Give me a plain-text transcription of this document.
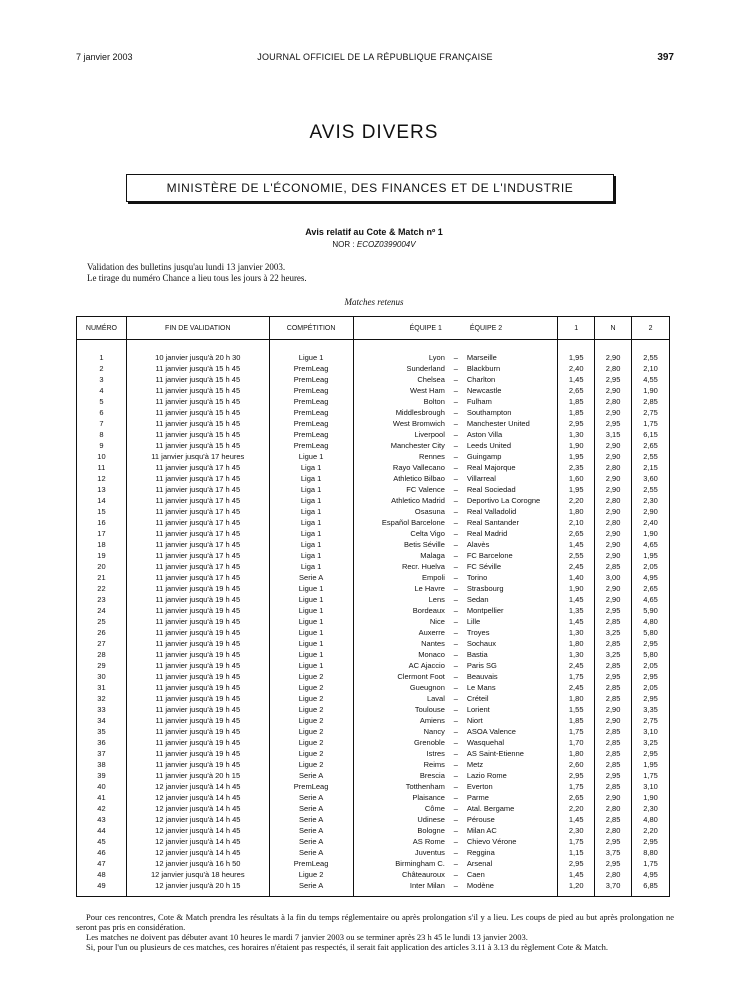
7 janvier 2003	JOURNAL OFFICIEL DE LA RÉPUBLIQUE FRANÇAISE	397
AVIS DIVERS
MINISTÈRE DE L'ÉCONOMIE, DES FINANCES ET DE L'INDUSTRIE
Avis relatif au Cote & Match nº 1
NOR : ECOZ0399004V
Validation des bulletins jusqu'au lundi 13 janvier 2003.
Le tirage du numéro Chance a lieu tous les jours à 22 heures.
Matches retenus
NUMÉRO	FIN DE VALIDATION	COMPÉTITION	ÉQUIPE 1		ÉQUIPE 2	1	N	2

1	10 janvier jusqu'à 20 h 30	Ligue 1	Lyon	–	Marseille	1,95	2,90	2,55
2	11 janvier jusqu'à 15 h 45	PremLeag	Sunderland	–	Blackburn	2,40	2,80	2,10
3	11 janvier jusqu'à 15 h 45	PremLeag	Chelsea	–	Charlton	1,45	2,95	4,55
4	11 janvier jusqu'à 15 h 45	PremLeag	West Ham	–	Newcastle	2,65	2,90	1,90
5	11 janvier jusqu'à 15 h 45	PremLeag	Bolton	–	Fulham	1,85	2,80	2,85
6	11 janvier jusqu'à 15 h 45	PremLeag	Middlesbrough	–	Southampton	1,85	2,90	2,75
7	11 janvier jusqu'à 15 h 45	PremLeag	West Bromwich	–	Manchester United	2,95	2,95	1,75
8	11 janvier jusqu'à 15 h 45	PremLeag	Liverpool	–	Aston Villa	1,30	3,15	6,15
9	11 janvier jusqu'à 15 h 45	PremLeag	Manchester City	–	Leeds United	1,90	2,90	2,65
10	11 janvier jusqu'à 17 heures	Ligue 1	Rennes	–	Guingamp	1,95	2,90	2,55
11	11 janvier jusqu'à 17 h 45	Liga 1	Rayo Vallecano	–	Real Majorque	2,35	2,80	2,15
12	11 janvier jusqu'à 17 h 45	Liga 1	Athletico Bilbao	–	Villarreal	1,60	2,90	3,60
13	11 janvier jusqu'à 17 h 45	Liga 1	FC Valence	–	Real Sociedad	1,95	2,90	2,55
14	11 janvier jusqu'à 17 h 45	Liga 1	Athletico Madrid	–	Deportivo La Corogne	2,20	2,80	2,30
15	11 janvier jusqu'à 17 h 45	Liga 1	Osasuna	–	Real Valladolid	1,80	2,90	2,90
16	11 janvier jusqu'à 17 h 45	Liga 1	Español Barcelone	–	Real Santander	2,10	2,80	2,40
17	11 janvier jusqu'à 17 h 45	Liga 1	Celta Vigo	–	Real Madrid	2,65	2,90	1,90
18	11 janvier jusqu'à 17 h 45	Liga 1	Betis Séville	–	Alavès	1,45	2,90	4,65
19	11 janvier jusqu'à 17 h 45	Liga 1	Malaga	–	FC Barcelone	2,55	2,90	1,95
20	11 janvier jusqu'à 17 h 45	Liga 1	Recr. Huelva	–	FC Séville	2,45	2,85	2,05
21	11 janvier jusqu'à 17 h 45	Serie A	Empoli	–	Torino	1,40	3,00	4,95
22	11 janvier jusqu'à 19 h 45	Ligue 1	Le Havre	–	Strasbourg	1,90	2,90	2,65
23	11 janvier jusqu'à 19 h 45	Ligue 1	Lens	–	Sedan	1,45	2,90	4,65
24	11 janvier jusqu'à 19 h 45	Ligue 1	Bordeaux	–	Montpellier	1,35	2,95	5,90
25	11 janvier jusqu'à 19 h 45	Ligue 1	Nice	–	Lille	1,45	2,85	4,80
26	11 janvier jusqu'à 19 h 45	Ligue 1	Auxerre	–	Troyes	1,30	3,25	5,80
27	11 janvier jusqu'à 19 h 45	Ligue 1	Nantes	–	Sochaux	1,80	2,85	2,95
28	11 janvier jusqu'à 19 h 45	Ligue 1	Monaco	–	Bastia	1,30	3,25	5,80
29	11 janvier jusqu'à 19 h 45	Ligue 1	AC Ajaccio	–	Paris SG	2,45	2,85	2,05
30	11 janvier jusqu'à 19 h 45	Ligue 2	Clermont Foot	–	Beauvais	1,75	2,95	2,95
31	11 janvier jusqu'à 19 h 45	Ligue 2	Gueugnon	–	Le Mans	2,45	2,85	2,05
32	11 janvier jusqu'à 19 h 45	Ligue 2	Laval	–	Créteil	1,80	2,85	2,95
33	11 janvier jusqu'à 19 h 45	Ligue 2	Toulouse	–	Lorient	1,55	2,90	3,35
34	11 janvier jusqu'à 19 h 45	Ligue 2	Amiens	–	Niort	1,85	2,90	2,75
35	11 janvier jusqu'à 19 h 45	Ligue 2	Nancy	–	ASOA Valence	1,75	2,85	3,10
36	11 janvier jusqu'à 19 h 45	Ligue 2	Grenoble	–	Wasquehal	1,70	2,85	3,25
37	11 janvier jusqu'à 19 h 45	Ligue 2	Istres	–	AS Saint-Etienne	1,80	2,85	2,95
38	11 janvier jusqu'à 19 h 45	Ligue 2	Reims	–	Metz	2,60	2,85	1,95
39	11 janvier jusqu'à 20 h 15	Serie A	Brescia	–	Lazio Rome	2,95	2,95	1,75
40	12 janvier jusqu'à 14 h 45	PremLeag	Totthenham	–	Everton	1,75	2,85	3,10
41	12 janvier jusqu'à 14 h 45	Serie A	Plaisance	–	Parme	2,65	2,90	1,90
42	12 janvier jusqu'à 14 h 45	Serie A	Côme	–	Atal. Bergame	2,20	2,80	2,30
43	12 janvier jusqu'à 14 h 45	Serie A	Udinese	–	Pérouse	1,45	2,85	4,80
44	12 janvier jusqu'à 14 h 45	Serie A	Bologne	–	Milan AC	2,30	2,80	2,20
45	12 janvier jusqu'à 14 h 45	Serie A	AS Rome	–	Chievo Vérone	1,75	2,95	2,95
46	12 janvier jusqu'à 14 h 45	Serie A	Juventus	–	Reggina	1,15	3,75	8,80
47	12 janvier jusqu'à 16 h 50	PremLeag	Birmingham C.	–	Arsenal	2,95	2,95	1,75
48	12 janvier jusqu'à 18 heures	Ligue 2	Châteauroux	–	Caen	1,45	2,80	4,95
49	12 janvier jusqu'à 20 h 15	Serie A	Inter Milan	–	Modène	1,20	3,70	6,85

Pour ces rencontres, Cote & Match prendra les résultats à la fin du temps réglementaire ou après prolongation s'il y a lieu. Les coups de pied au but après prolongation ne seront pas pris en considération.

Les matches ne doivent pas débuter avant 10 heures le mardi 7 janvier 2003 ou se terminer après 23 h 45 le lundi 13 janvier 2003.

Si, pour l'un ou plusieurs de ces matches, ces horaires n'étaient pas respectés, il serait fait application des articles 3.11 à 3.13 du règlement Cote & Match.
